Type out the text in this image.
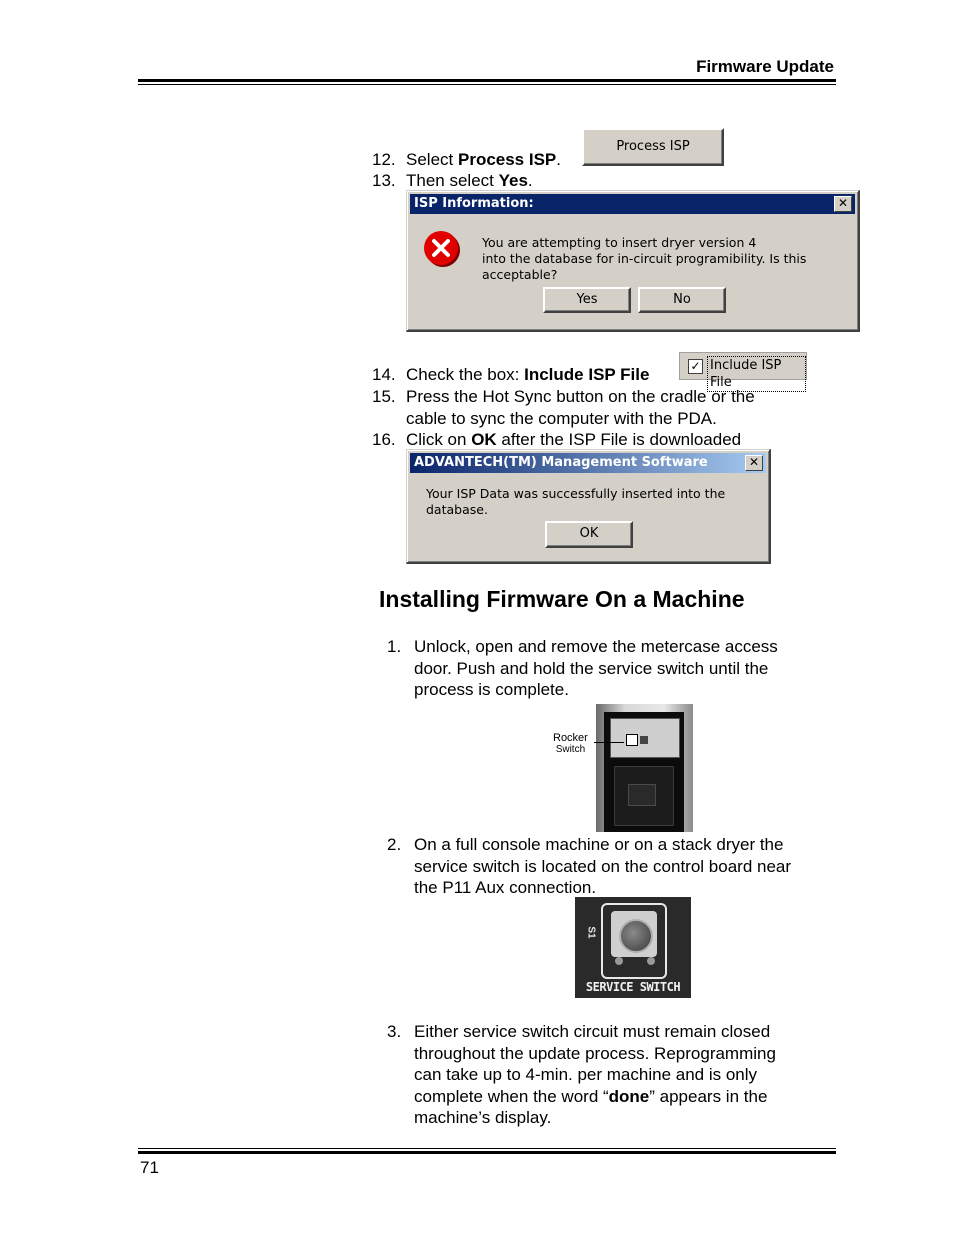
Firmware Update
12. Select Process ISP.
Process ISP
13. Then select Yes.
ISP Information:	✕
You are attempting to insert dryer version 4
into the database for in-circuit programibility. Is this acceptable?
Yes	No
14. Check the box: Include ISP File	✓ Include ISP File
15. Press the Hot Sync button on the cradle or the
cable to sync the computer with the PDA.
16. Click on OK after the ISP File is downloaded
ADVANTECH(TM) Management Software	✕
Your ISP Data was successfully inserted into the database.
OK
Installing Firmware On a Machine
1. Unlock, open and remove the metercase access
door. Push and hold the service switch until the
process is complete.
Rocker
Switch
2. On a full console machine or on a stack dryer the
service switch is located on the control board near
the P11 Aux connection.
S1
SERVICE SWITCH
3. Either service switch circuit must remain closed
throughout the update process. Reprogramming
can take up to 4-min. per machine and is only
complete when the word “done” appears in the
machine’s display.
71
